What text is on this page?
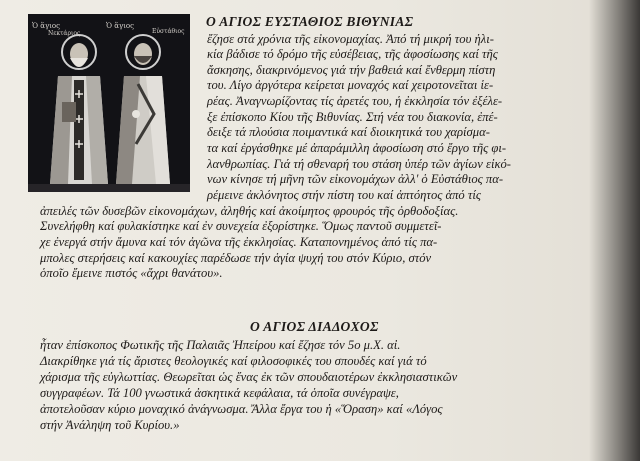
Ὁ ἅγιος
Νεκτάριος
Ὁ ἅγιος
Εὐστάθιος
Ο ΑΓΙΟΣ ΕΥΣΤΑΘΙΟΣ ΒΙΘΥΝΙΑΣ
ἔζησε στά χρόνια τῆς εἰκονομαχίας. Ἀπό τή μικρή του ἡλι-
κία βάδισε τό δρόμο τῆς εὐσέβειας, τῆς ἀφοσίωσης καί τῆς
ἄσκησης, διακρινόμενος γιά τήν βαθειά καί ἔνθερμη πίστη
του. Λίγο ἀργότερα κείρεται μοναχός καί χειροτονεῖται ἱε-
ρέας. Ἀναγνωρίζοντας τίς ἀρετές του, ἡ ἐκκλησία τόν ἐξέλε-
ξε ἐπίσκοπο Κίου τῆς Βιθυνίας. Στή νέα του διακονία, ἐπέ-
δειξε τά πλούσια ποιμαντικά καί διοικητικά του χαρίσμα-
τα καί ἐργάσθηκε μέ ἀπαράμιλλη ἀφοσίωση στό ἔργο τῆς φι-
λανθρωπίας. Γιά τή σθεναρή του στάση ὑπέρ τῶν ἁγίων εἰκό-
νων κίνησε τή μῆνη τῶν εἰκονομάχων ἀλλ' ὁ Εὐστάθιος πα-
ρέμεινε ἀκλόνητος στήν πίστη του καί ἀπτόητος ἀπό τίς
ἀπειλές τῶν δυσεβῶν εἰκονομάχων, ἀληθής καί ἀκοίμητος φρουρός τῆς ὀρθοδοξίας.
Συνελήφθη καί φυλακίστηκε καί ἐν συνεχεία ἐξορίστηκε. Ὅμως παντοῦ συμμετεῖ-
χε ἐνεργά στήν ἄμυνα καί τόν ἀγῶνα τῆς ἐκκλησίας. Καταπονημένος ἀπό τίς πα-
μπολες στερήσεις καί κακουχίες παρέδωσε τήν ἁγία ψυχή του στόν Κύριο, στόν
ὁποῖο ἔμεινε πιστός «ἄχρι θανάτου».
Ο ΑΓΙΟΣ ΔΙΑΔΟΧΟΣ
ἦταν ἐπίσκοπος Φωτικῆς τῆς Παλαιᾶς Ἠπείρου καί ἔζησε τόν 5ο μ.Χ. αἰ.
Διακρίθηκε γιά τίς ἄριστες θεολογικές καί φιλοσοφικές του σπουδές καί γιά τό
χάρισμα τῆς εὐγλωττίας. Θεωρεῖται ὡς ἕνας ἐκ τῶν σπουδαιοτέρων ἐκκλησιαστικῶν
συγγραφέων. Τά 100 γνωστικά ἀσκητικά κεφάλαια, τά ὁποῖα συνέγραψε,
ἀποτελοῦσαν κύριο μοναχικό ἀνάγνωσμα. Ἄλλα ἔργα του ἡ «Ὅραση» καί «Λόγος
στήν Ἀνάληψη τοῦ Κυρίου.»
